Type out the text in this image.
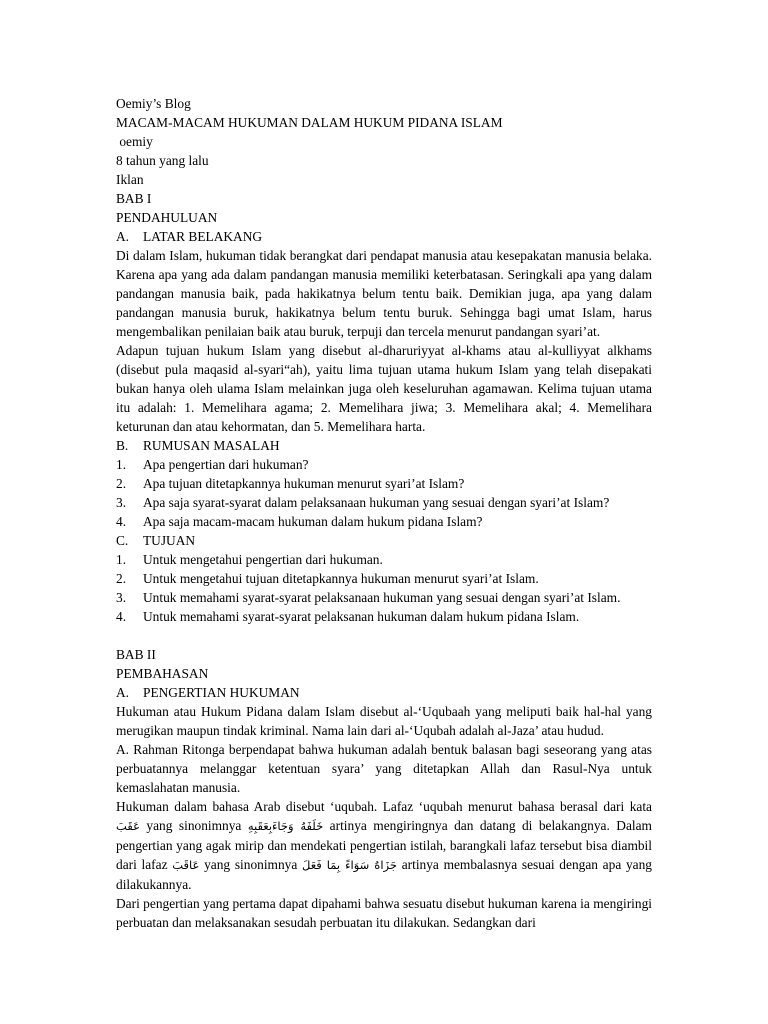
Oemiy’s Blog
MACAM-MACAM HUKUMAN DALAM HUKUM PIDANA ISLAM
oemiy
8 tahun yang lalu
Iklan
BAB I
PENDAHULUAN
A.	LATAR BELAKANG
Di dalam Islam, hukuman tidak berangkat dari pendapat manusia atau kesepakatan manusia belaka. Karena apa yang ada dalam pandangan manusia memiliki keterbatasan. Seringkali apa yang dalam pandangan manusia baik, pada hakikatnya belum tentu baik. Demikian juga, apa yang dalam pandangan manusia buruk, hakikatnya belum tentu buruk. Sehingga bagi umat Islam, harus mengembalikan penilaian baik atau buruk, terpuji dan tercela menurut pandangan syari’at.
Adapun tujuan hukum Islam yang disebut al-dharuriyyat al-khams atau al-kulliyyat alkhams (disebut pula maqasid al-syari“ah), yaitu lima tujuan utama hukum Islam yang telah disepakati bukan hanya oleh ulama Islam melainkan juga oleh keseluruhan agamawan. Kelima tujuan utama itu adalah: 1. Memelihara agama; 2. Memelihara jiwa; 3. Memelihara akal; 4. Memelihara keturunan dan atau kehormatan, dan 5. Memelihara harta.
B.	RUMUSAN MASALAH
1.	Apa pengertian dari hukuman?
2.	Apa tujuan ditetapkannya hukuman menurut syari’at Islam?
3.	Apa saja syarat-syarat dalam pelaksanaan hukuman yang sesuai dengan syari’at Islam?
4.	Apa saja macam-macam hukuman dalam hukum pidana Islam?
C.	TUJUAN
1.	Untuk mengetahui pengertian dari hukuman.
2.	Untuk mengetahui tujuan ditetapkannya hukuman menurut syari’at Islam.
3.	Untuk memahami syarat-syarat pelaksanaan hukuman yang sesuai dengan syari’at Islam.
4.	Untuk memahami syarat-syarat pelaksanan hukuman dalam hukum pidana Islam.
BAB II
PEMBAHASAN
A.	PENGERTIAN HUKUMAN
Hukuman atau Hukum Pidana dalam Islam disebut al-‘Uqubaah yang meliputi baik hal-hal yang merugikan maupun tindak kriminal. Nama lain dari al-‘Uqubah adalah al-Jaza’ atau hudud.
A. Rahman Ritonga berpendapat bahwa hukuman adalah bentuk balasan bagi seseorang yang atas perbuatannya melanggar ketentuan syara’ yang ditetapkan Allah dan Rasul-Nya untuk kemaslahatan manusia.
Hukuman dalam bahasa Arab disebut ‘uqubah. Lafaz ‘uqubah menurut bahasa berasal dari kata عَقَبَ yang sinonimnya خَلَفَهُ وَجَاءَبِعَقَبِهِ artinya mengiringnya dan datang di belakangnya. Dalam pengertian yang agak mirip dan mendekati pengertian istilah, barangkali lafaz tersebut bisa diambil dari lafaz عَاقَبَ yang sinonimnya جَزَاهُ سَوَاءً بِمَا فَعَلَ artinya membalasnya sesuai dengan apa yang dilakukannya.
Dari pengertian yang pertama dapat dipahami bahwa sesuatu disebut hukuman karena ia mengiringi perbuatan dan melaksanakan sesudah perbuatan itu dilakukan. Sedangkan dari
